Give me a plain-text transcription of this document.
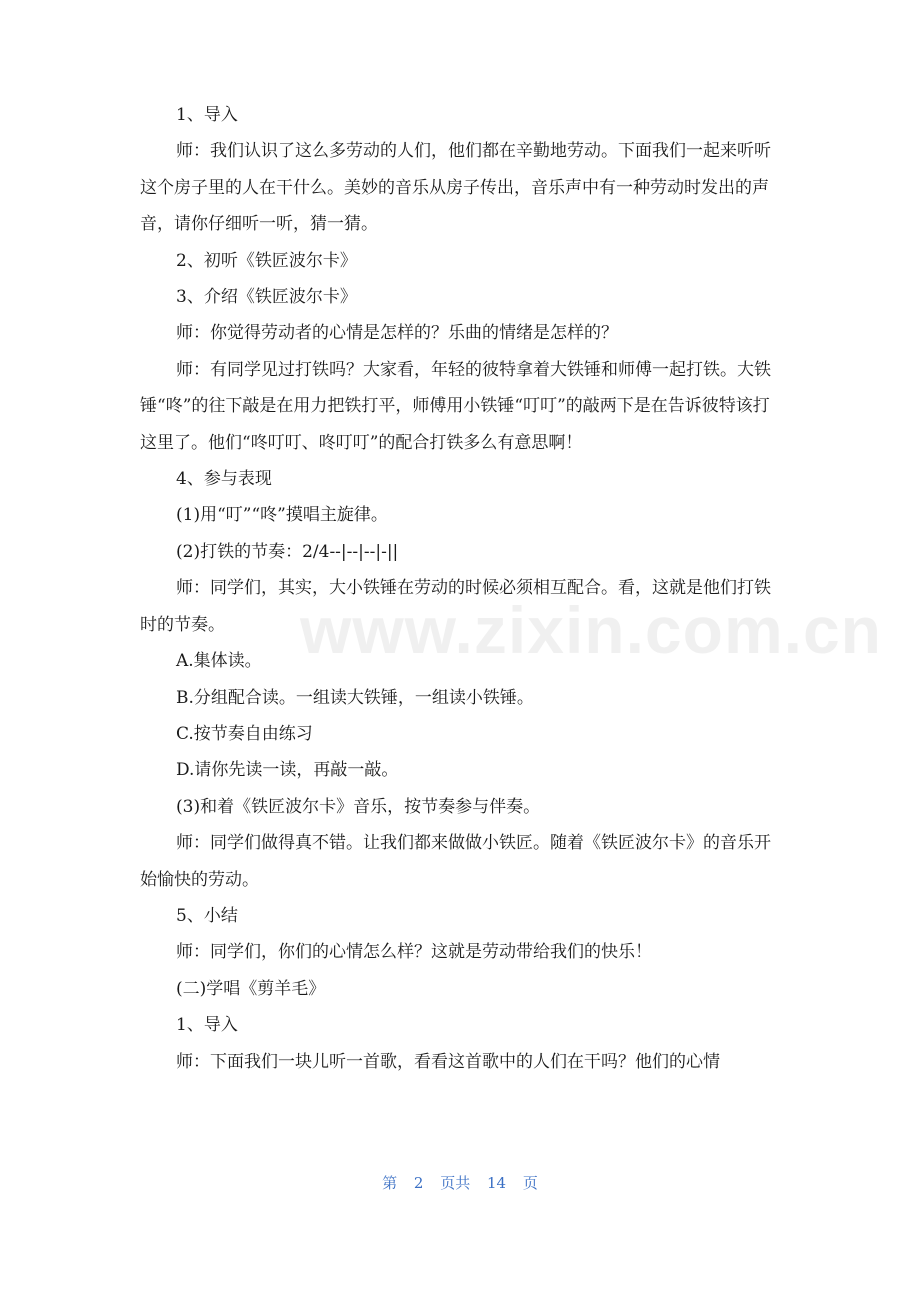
1、导入

师：我们认识了这么多劳动的人们，他们都在辛勤地劳动。下面我们一起来听听这个房子里的人在干什么。美妙的音乐从房子传出，音乐声中有一种劳动时发出的声音，请你仔细听一听，猜一猜。

2、初听《铁匠波尔卡》

3、介绍《铁匠波尔卡》

师：你觉得劳动者的心情是怎样的？乐曲的情绪是怎样的？

师：有同学见过打铁吗？大家看，年轻的彼特拿着大铁锤和师傅一起打铁。大铁锤“咚”的往下敲是在用力把铁打平，师傅用小铁锤“叮叮”的敲两下是在告诉彼特该打这里了。他们“咚叮叮、咚叮叮”的配合打铁多么有意思啊！

4、参与表现

(1)用“叮”“咚”摸唱主旋律。

(2)打铁的节奏：2/4--|--|--|-||

师：同学们，其实，大小铁锤在劳动的时候必须相互配合。看，这就是他们打铁时的节奏。

A.集体读。

B.分组配合读。一组读大铁锤，一组读小铁锤。

C.按节奏自由练习

D.请你先读一读，再敲一敲。

(3)和着《铁匠波尔卡》音乐，按节奏参与伴奏。

师：同学们做得真不错。让我们都来做做小铁匠。随着《铁匠波尔卡》的音乐开始愉快的劳动。

5、小结

师：同学们，你们的心情怎么样？这就是劳动带给我们的快乐！

(二)学唱《剪羊毛》

1、导入

师：下面我们一块儿听一首歌，看看这首歌中的人们在干吗？他们的心情

www.zixin.com.cn
第 2 页共 14 页
